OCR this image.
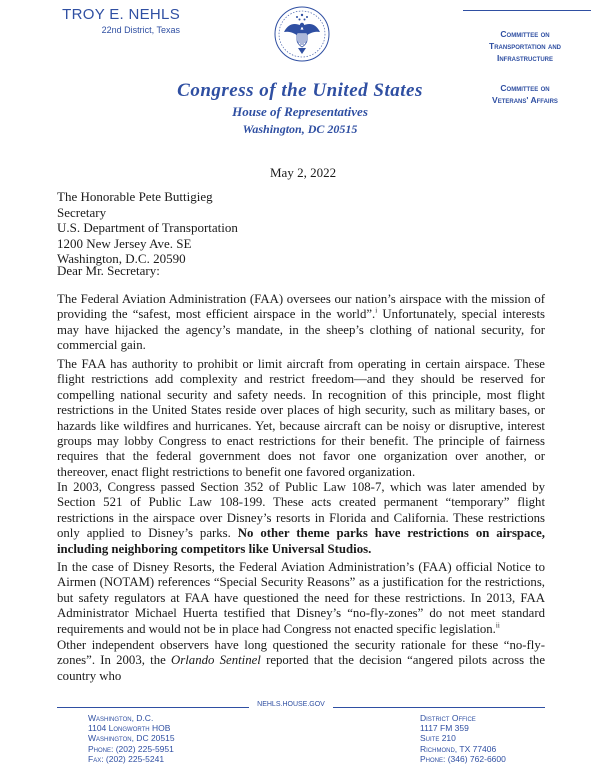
TROY E. NEHLS
22nd District, Texas
Congress of the United States
House of Representatives
Washington, DC 20515
Committee on
Transportation and
Infrastructure
Committee on
Veterans' Affairs
May 2, 2022
The Honorable Pete Buttigieg
Secretary
U.S. Department of Transportation
1200 New Jersey Ave. SE
Washington, D.C. 20590
Dear Mr. Secretary:

The Federal Aviation Administration (FAA) oversees our nation’s airspace with the mission of providing the “safest, most efficient airspace in the world”.$^i$ Unfortunately, special interests may have hijacked the agency’s mandate, in the sheep’s clothing of national security, for commercial gain.

The FAA has authority to prohibit or limit aircraft from operating in certain airspace. These flight restrictions add complexity and restrict freedom—and they should be reserved for compelling national security and safety needs. In recognition of this principle, most flight restrictions in the United States reside over places of high security, such as military bases, or hazards like wildfires and hurricanes. Yet, because aircraft can be noisy or disruptive, interest groups may lobby Congress to enact restrictions for their benefit. The principle of fairness requires that the federal government does not favor one organization over another, or thereover, enact flight restrictions to benefit one favored organization.

In 2003, Congress passed Section 352 of Public Law 108-7, which was later amended by Section 521 of Public Law 108-199. These acts created permanent “temporary” flight restrictions in the airspace over Disney’s resorts in Florida and California. These restrictions only applied to Disney’s parks. No other theme parks have restrictions on airspace, including neighboring competitors like Universal Studios.

In the case of Disney Resorts, the Federal Aviation Administration’s (FAA) official Notice to Airmen (NOTAM) references “Special Security Reasons” as a justification for the restrictions, but safety regulators at FAA have questioned the need for these restrictions. In 2013, FAA Administrator Michael Huerta testified that Disney’s “no-fly-zones” do not meet standard requirements and would not be in place had Congress not enacted specific legislation.$^{ii}$

Other independent observers have long questioned the security rationale for these “no-fly-zones”. In 2003, the Orlando Sentinel reported that the decision “angered pilots across the country who

NEHLS.HOUSE.GOV
Washington, D.C.
1104 Longworth HOB
Washington, DC 20515
Phone: (202) 225-5951
Fax: (202) 225-5241
District Office
1117 FM 359
Suite 210
Richmond, TX 77406
Phone: (346) 762-6600
